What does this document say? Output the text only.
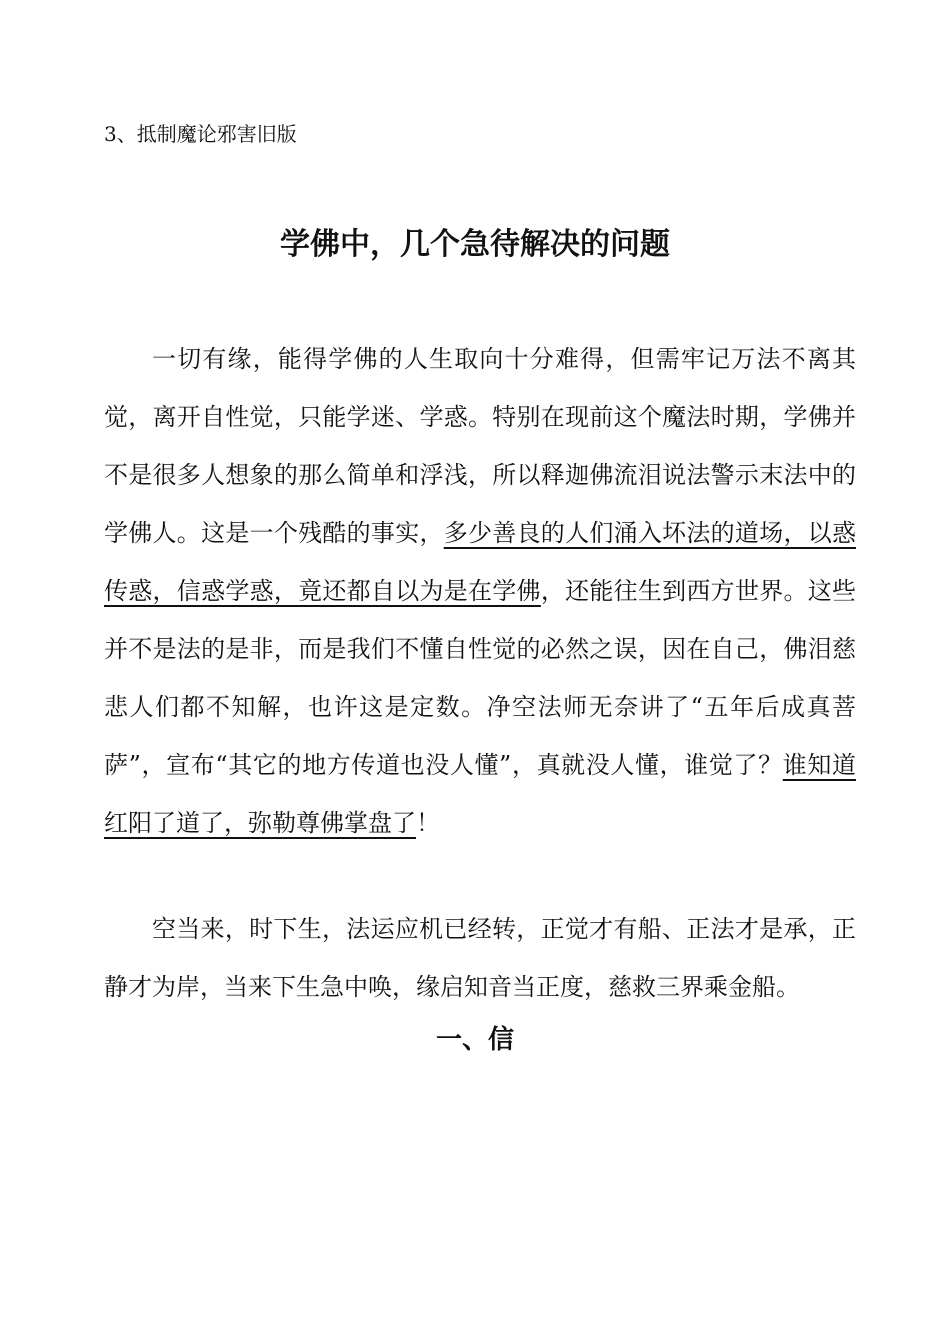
3、抵制魔论邪害旧版
学佛中，几个急待解决的问题

一切有缘，能得学佛的人生取向十分难得，但需牢记万法不离其觉，离开自性觉，只能学迷、学惑。特别在现前这个魔法时期，学佛并不是很多人想象的那么简单和浮浅，所以释迦佛流泪说法警示末法中的学佛人。这是一个残酷的事实，多少善良的人们涌入坏法的道场，以惑传惑，信惑学惑，竟还都自以为是在学佛，还能往生到西方世界。这些并不是法的是非，而是我们不懂自性觉的必然之误，因在自己，佛泪慈悲人们都不知解，也许这是定数。净空法师无奈讲了“五年后成真菩萨”，宣布“其它的地方传道也没人懂”，真就没人懂，谁觉了？谁知道红阳了道了，弥勒尊佛掌盘了！

空当来，时下生，法运应机已经转，正觉才有船、正法才是承，正静才为岸，当来下生急中唤，缘启知音当正度，慈救三界乘金船。

一、信
